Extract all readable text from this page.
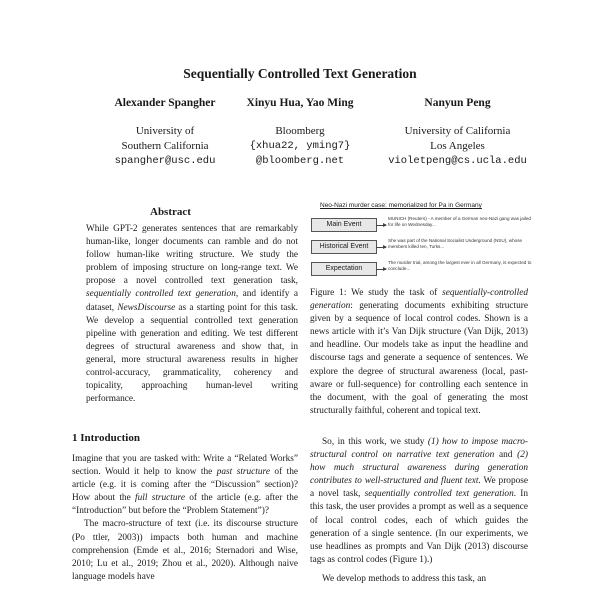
Sequentially Controlled Text Generation
Alexander Spangher
University of
Southern California
spangher@usc.edu
Xinyu Hua, Yao Ming
Bloomberg
{xhua22, yming7}
@bloomberg.net
Nanyun Peng
University of California
Los Angeles
violetpeng@cs.ucla.edu
Abstract

While GPT-2 generates sentences that are remarkably human-like, longer documents can ramble and do not follow human-like writing structure. We study the problem of imposing structure on long-range text. We propose a novel controlled text generation task, sequentially controlled text generation, and identify a dataset, NewsDiscourse as a starting point for this task. We develop a sequential controlled text generation pipeline with generation and editing. We test different degrees of structural awareness and show that, in general, more structural awareness results in higher control-accuracy, grammaticality, coherency and topicality, approaching human-level writing performance.

1 Introduction

Imagine that you are tasked with: Write a “Related Works” section. Would it help to know the past structure of the article (e.g. it is coming after the “Discussion” section)? How about the full structure of the article (e.g. after the “Introduction” but before the “Problem Statement”)?

The macro-structure of text (i.e. its discourse structure (Po ttler, 2003)) impacts both human and machine comprehension (Emde et al., 2016; Sternadori and Wise, 2010; Lu et al., 2019; Zhou et al., 2020). Although naive language models have

Neo-Nazi murder case: memorialized for Pa in Germany
Main Event
MUNICH (Reuters) - A member of a German neo-Nazi gang was jailed for life on Wednesday...
Historical Event
She was part of the National Socialist Underground (NSU), whose members killed ten, Turks...
Expectation
The murder trial, among the largest ever in all Germany, is expected to conclude...

Figure 1: We study the task of sequentially-controlled generation: generating documents exhibiting structure given by a sequence of local control codes. Shown is a news article with it’s Van Dijk structure (Van Dijk, 2013) and headline. Our models take as input the headline and discourse tags and generate a sequence of sentences. We explore the degree of structural awareness (local, past-aware or full-sequence) for controlling each sentence in the document, with the goal of generating the most structurally faithful, coherent and topical text.

So, in this work, we study (1) how to impose macro-structural control on narrative text generation and (2) how much structural awareness during generation contributes to well-structured and fluent text. We propose a novel task, sequentially controlled text generation. In this task, the user provides a prompt as well as a sequence of local control codes, each of which guides the generation of a single sentence. (In our experiments, we use headlines as prompts and Van Dijk (2013) discourse tags as control codes (Figure 1).)

We develop methods to address this task, an
